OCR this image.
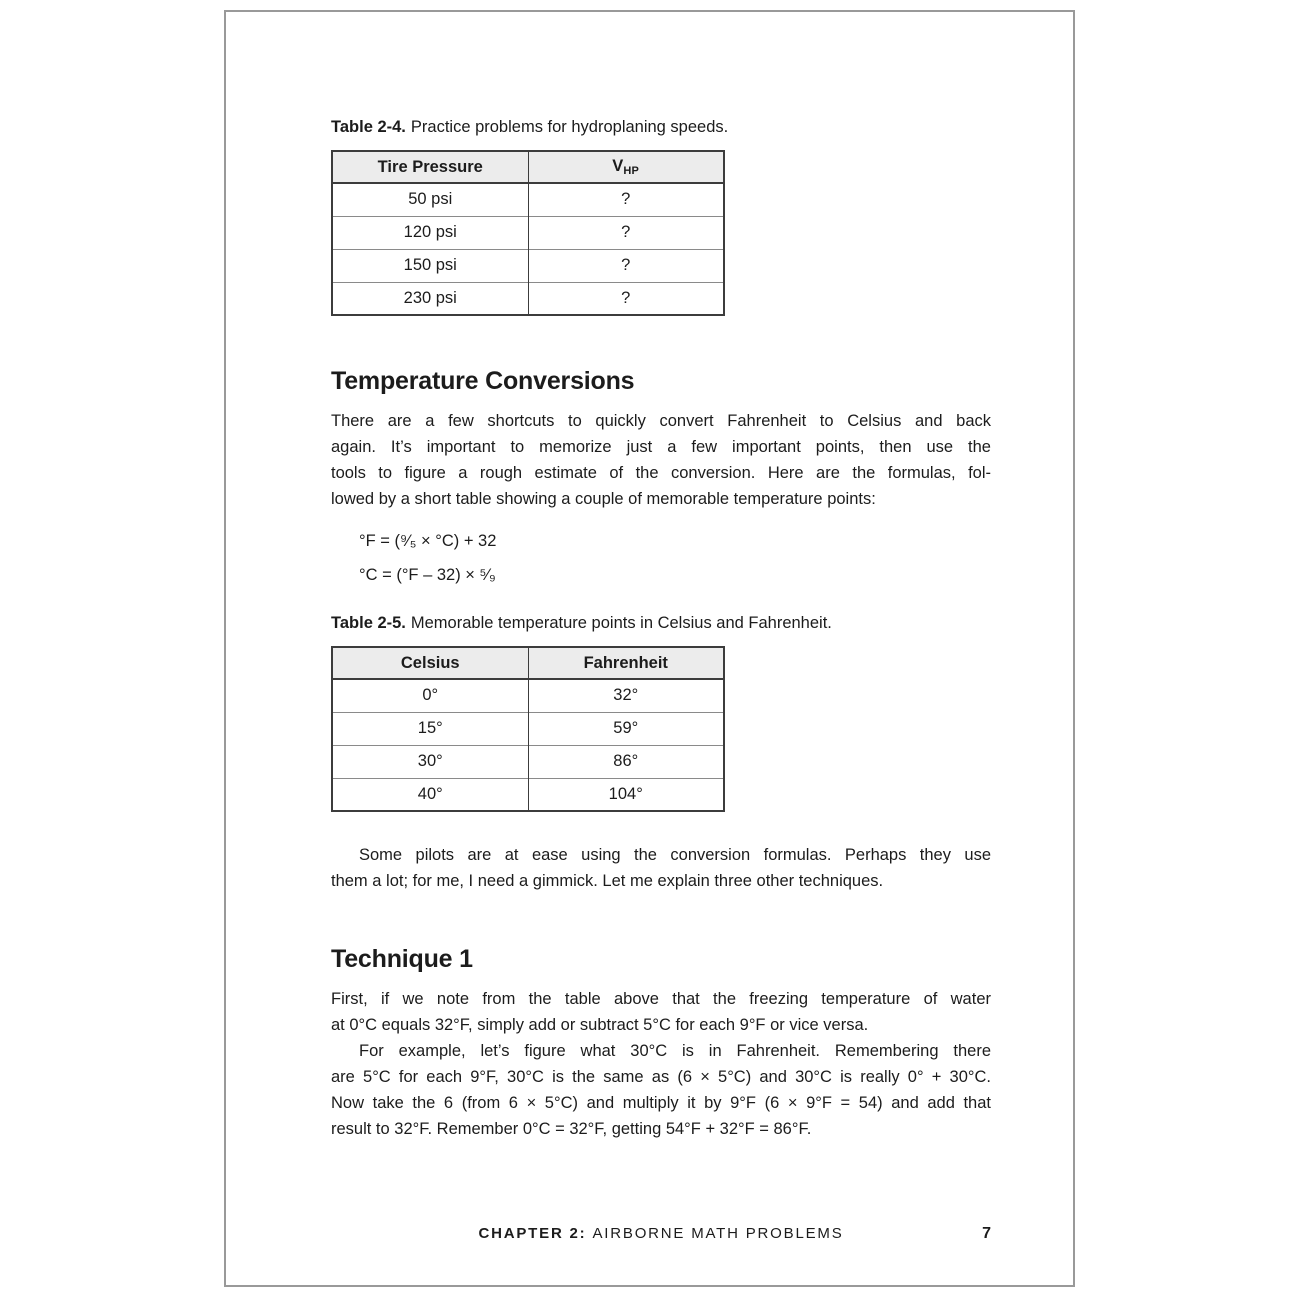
Table 2-4. Practice problems for hydroplaning speeds.

Tire Pressure	$V_{HP}$
50 psi	?
120 psi	?
150 psi	?
230 psi	?
Temperature Conversions
There are a few shortcuts to quickly convert Fahrenheit to Celsius and back
again. It’s important to memorize just a few important points, then use the
tools to figure a rough estimate of the conversion. Here are the formulas, fol-
lowed by a short table showing a couple of memorable temperature points:
°F = (⁹⁄₅ × °C) + 32
°C = (°F – 32) × ⁵⁄₉

Table 2-5. Memorable temperature points in Celsius and Fahrenheit.

Celsius	Fahrenheit
0°	32°
15°	59°
30°	86°
40°	104°
Some pilots are at ease using the conversion formulas. Perhaps they use
them a lot; for me, I need a gimmick. Let me explain three other techniques.
Technique 1
First, if we note from the table above that the freezing temperature of water
at 0°C equals 32°F, simply add or subtract 5°C for each 9°F or vice versa.
For example, let’s figure what 30°C is in Fahrenheit. Remembering there
are 5°C for each 9°F, 30°C is the same as (6 × 5°C) and 30°C is really 0° + 30°C.
Now take the 6 (from 6 × 5°C) and multiply it by 9°F (6 × 9°F = 54) and add that
result to 32°F. Remember 0°C = 32°F, getting 54°F + 32°F = 86°F.
CHAPTER 2: AIRBORNE MATH PROBLEMS	7
